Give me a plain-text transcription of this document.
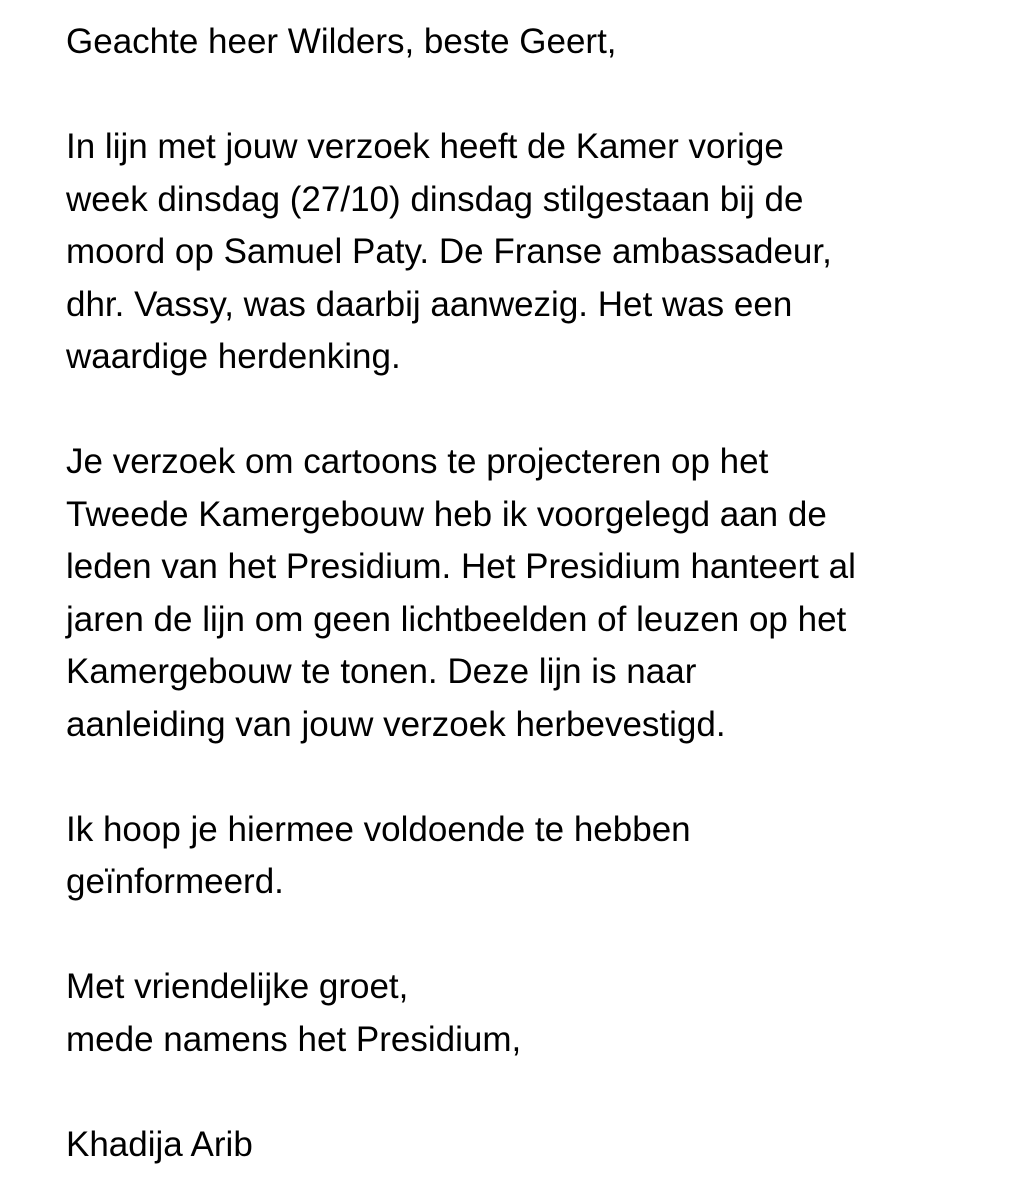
Geachte heer Wilders, beste Geert,
In lijn met jouw verzoek heeft de Kamer vorige
week dinsdag (27/10) dinsdag stilgestaan bij de
moord op Samuel Paty. De Franse ambassadeur,
dhr. Vassy, was daarbij aanwezig. Het was een
waardige herdenking.
Je verzoek om cartoons te projecteren op het
Tweede Kamergebouw heb ik voorgelegd aan de
leden van het Presidium. Het Presidium hanteert al
jaren de lijn om geen lichtbeelden of leuzen op het
Kamergebouw te tonen. Deze lijn is naar
aanleiding van jouw verzoek herbevestigd.
Ik hoop je hiermee voldoende te hebben
geïnformeerd.
Met vriendelijke groet,
mede namens het Presidium,
Khadija Arib
